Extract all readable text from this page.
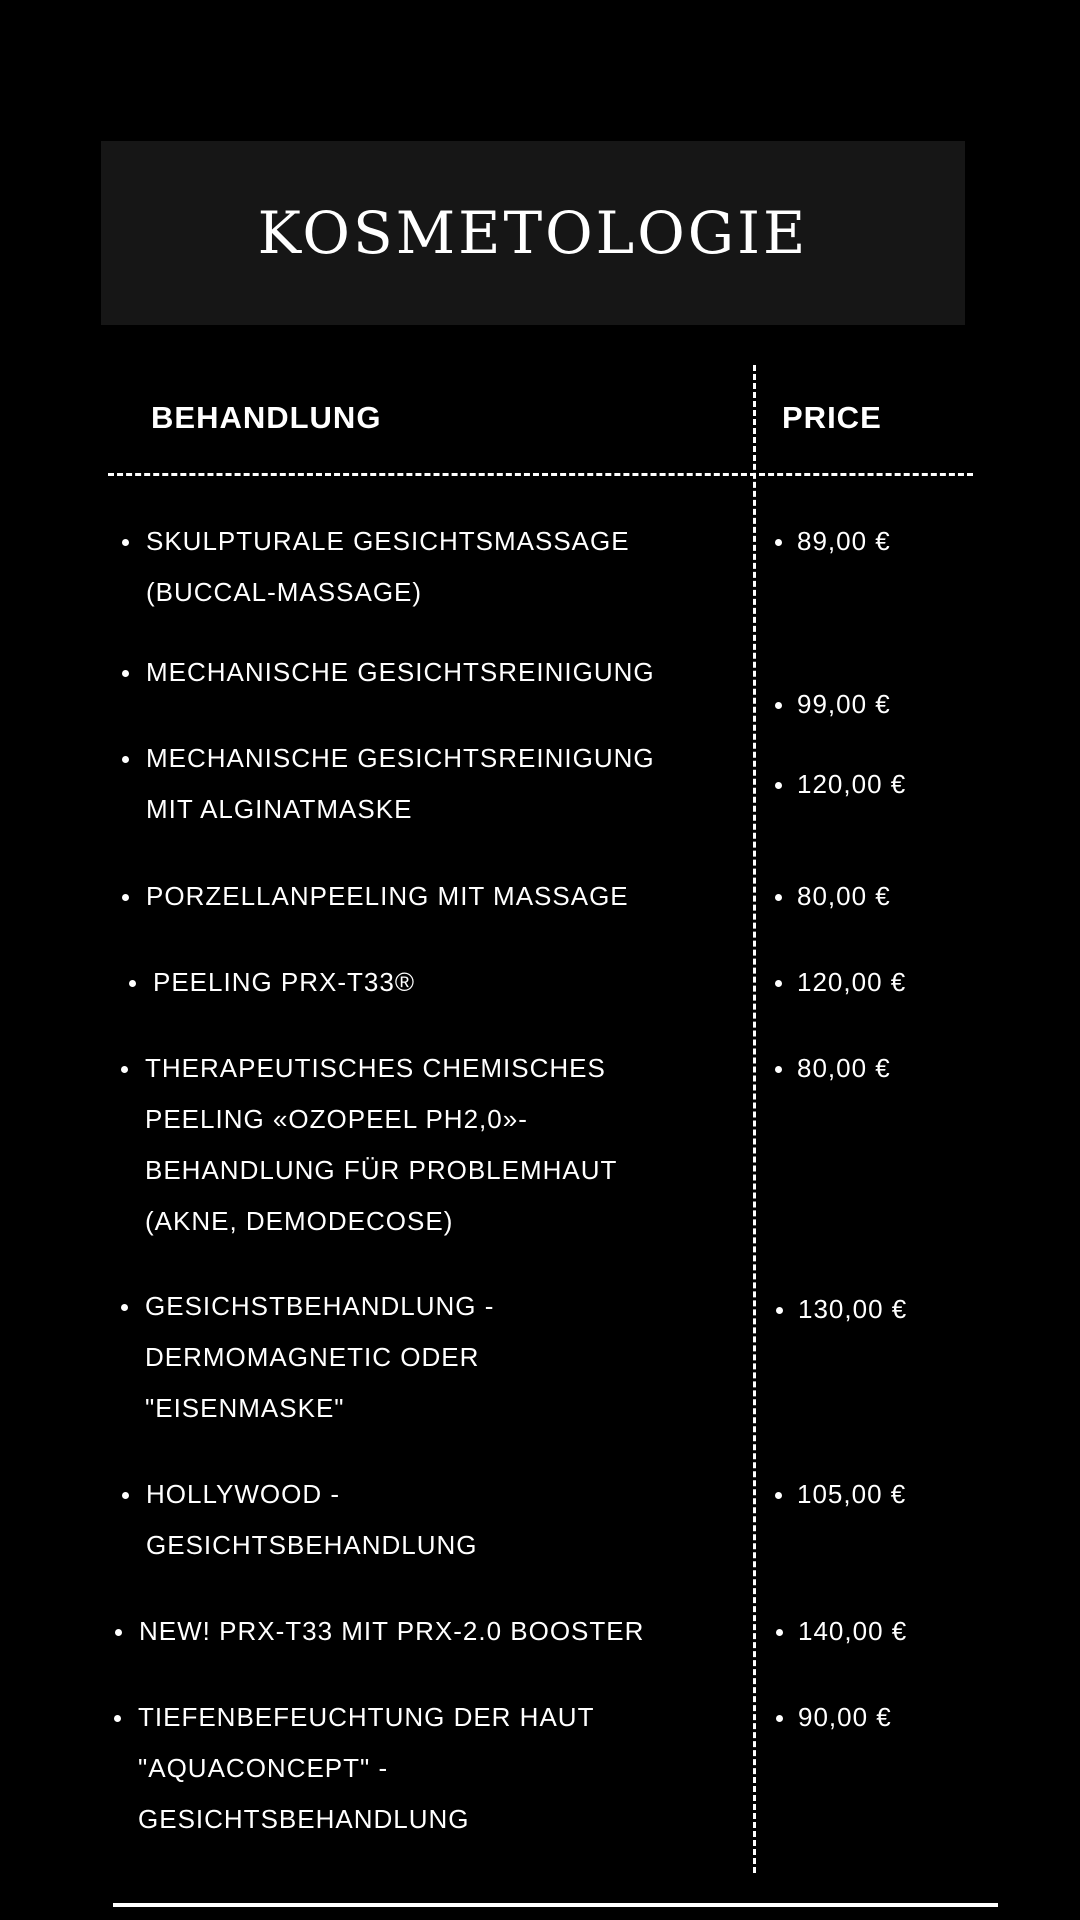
KOSMETOLOGIE
BEHANDLUNG	PRICE
SKULPTURALE GESICHTSMASSAGE
(BUCCAL-MASSAGE)
MECHANISCHE GESICHTSREINIGUNG
MECHANISCHE GESICHTSREINIGUNG
MIT ALGINATMASKE
PORZELLANPEELING MIT MASSAGE
PEELING PRX-T33®
THERAPEUTISCHES CHEMISCHES
PEELING «OZOPEEL PH2,0»-
BEHANDLUNG FÜR PROBLEMHAUT
(AKNE, DEMODECOSE)
GESICHSTBEHANDLUNG -
DERMOMAGNETIC ODER
"EISENMASKE"
HOLLYWOOD -
GESICHTSBEHANDLUNG
NEW! PRX-T33 MIT PRX-2.0 BOOSTER
TIEFENBEFEUCHTUNG DER HAUT
"AQUACONCEPT" -
GESICHTSBEHANDLUNG
89,00 €
99,00 €
120,00 €
80,00 €
120,00 €
80,00 €
130,00 €
105,00 €
140,00 €
90,00 €
